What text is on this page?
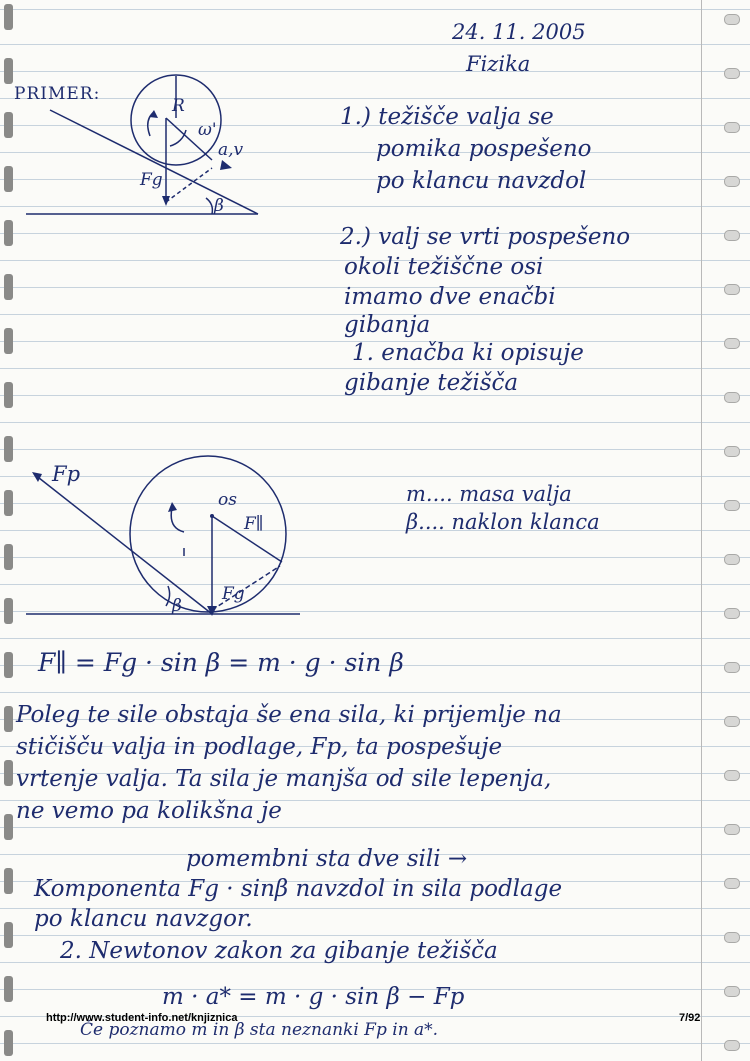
24. 11. 2005
Fizika
PRIMER:
R
ω'
a,v
Fg
β
1.) težišče valja se
pomika pospešeno
po klancu navzdol
2.) valj se vrti pospešeno
okoli težiščne osi
imamo dve enačbi
gibanja
1. enačba ki opisuje
gibanje težišča
Fp
os
F∥
Fg
β
m.... masa valja
β.... naklon klanca
F∥ = Fg · sin β = m · g · sin β
Poleg te sile obstaja še ena sila, ki prijemlje na
stičišču valja in podlage, Fp, ta pospešuje
vrtenje valja. Ta sila je manjša od sile lepenja,
ne vemo pa kolikšna je
pomembni sta dve sili →
Komponenta Fg · sinβ navzdol in sila podlage
po klancu navzgor.
2. Newtonov zakon za gibanje težišča
m · a* = m · g · sin β − Fp
Če poznamo m in β sta neznanki Fp in a*.
http://www.student-info.net/knjiznica	7/92
